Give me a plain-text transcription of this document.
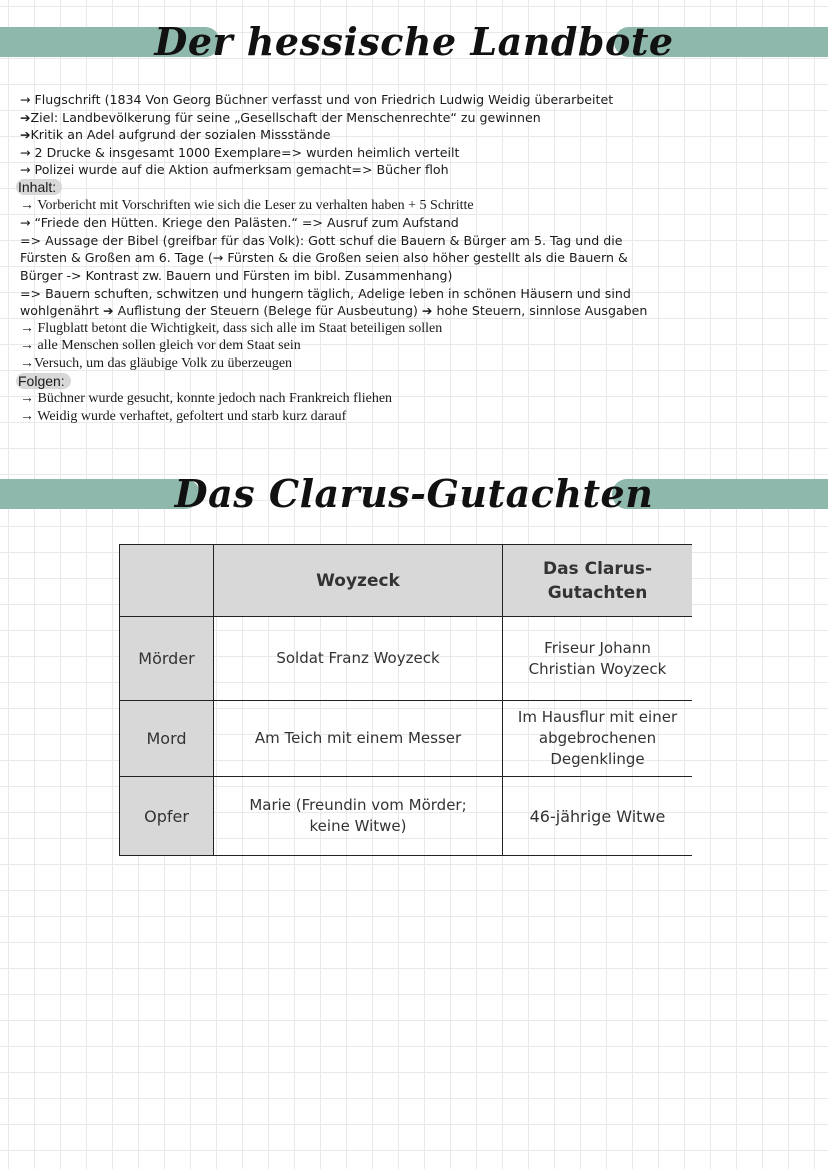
Der hessische Landbote
→ Flugschrift (1834 Von Georg Büchner verfasst und von Friedrich Ludwig Weidig überarbeitet
➔Ziel: Landbevölkerung für seine „Gesellschaft der Menschenrechte“ zu gewinnen
➔Kritik an Adel aufgrund der sozialen Missstände
→ 2 Drucke & insgesamt 1000 Exemplare=> wurden heimlich verteilt
→ Polizei wurde auf die Aktion aufmerksam gemacht=> Bücher floh
Inhalt:
→ Vorbericht mit Vorschriften wie sich die Leser zu verhalten haben + 5 Schritte
→ “Friede den Hütten. Kriege den Palästen.“ => Ausruf zum Aufstand
=> Aussage der Bibel (greifbar für das Volk): Gott schuf die Bauern & Bürger am 5. Tag und die
Fürsten & Großen am 6. Tage (→ Fürsten & die Großen seien also höher gestellt als die Bauern &
Bürger -> Kontrast zw. Bauern und Fürsten im bibl. Zusammenhang)
=> Bauern schuften, schwitzen und hungern täglich, Adelige leben in schönen Häusern und sind
wohlgenährt ➔ Auflistung der Steuern (Belege für Ausbeutung) ➔ hohe Steuern, sinnlose Ausgaben
→ Flugblatt betont die Wichtigkeit, dass sich alle im Staat beteiligen sollen
→ alle Menschen sollen gleich vor dem Staat sein
→Versuch, um das gläubige Volk zu überzeugen
Folgen:
→ Büchner wurde gesucht, konnte jedoch nach Frankreich fliehen
→ Weidig wurde verhaftet, gefoltert und starb kurz darauf
Das Clarus-Gutachten
	Woyzeck	Das Clarus-
Gutachten
Mörder	Soldat Franz Woyzeck	Friseur Johann
Christian Woyzeck
Mord	Am Teich mit einem Messer	Im Hausflur mit einer
abgebrochenen
Degenklinge
Opfer	Marie (Freundin vom Mörder;
keine Witwe)	46-jährige Witwe
